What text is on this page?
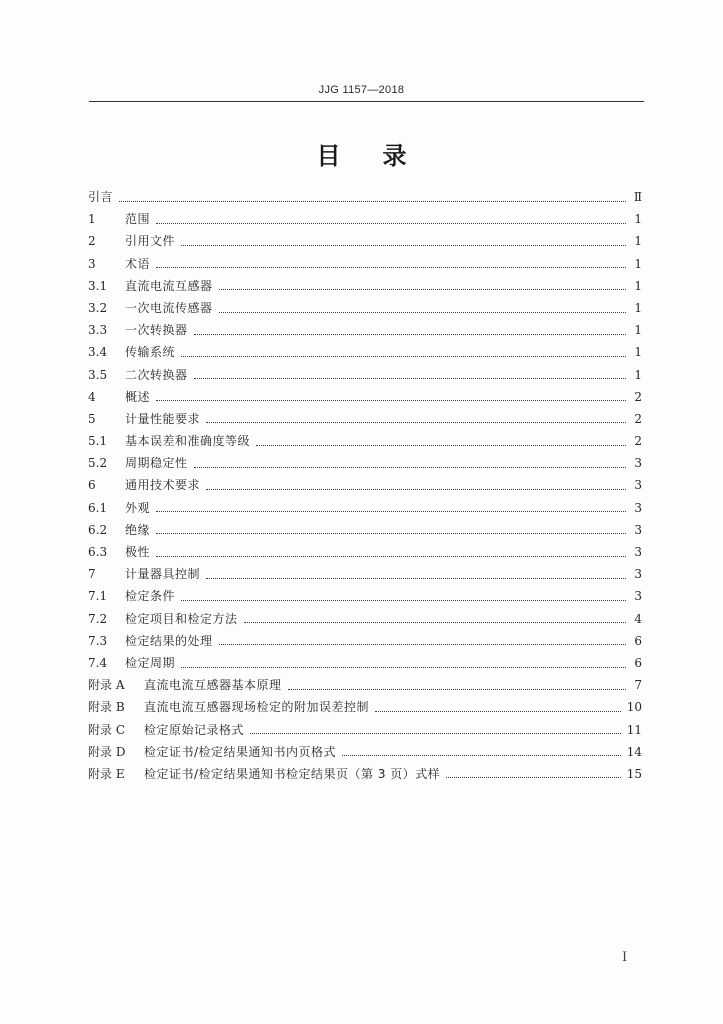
JJG 1157—2018
目录
引言	Ⅱ
1	范围	1
2	引用文件	1
3	术语	1
3.1	直流电流互感器	1
3.2	一次电流传感器	1
3.3	一次转换器	1
3.4	传输系统	1
3.5	二次转换器	1
4	概述	2
5	计量性能要求	2
5.1	基本误差和准确度等级	2
5.2	周期稳定性	3
6	通用技术要求	3
6.1	外观	3
6.2	绝缘	3
6.3	极性	3
7	计量器具控制	3
7.1	检定条件	3
7.2	检定项目和检定方法	4
7.3	检定结果的处理	6
7.4	检定周期	6
附录 A	直流电流互感器基本原理	7
附录 B	直流电流互感器现场检定的附加误差控制	10
附录 C	检定原始记录格式	11
附录 D	检定证书/检定结果通知书内页格式	14
附录 E	检定证书/检定结果通知书检定结果页（第 3 页）式样	15
Ⅰ
